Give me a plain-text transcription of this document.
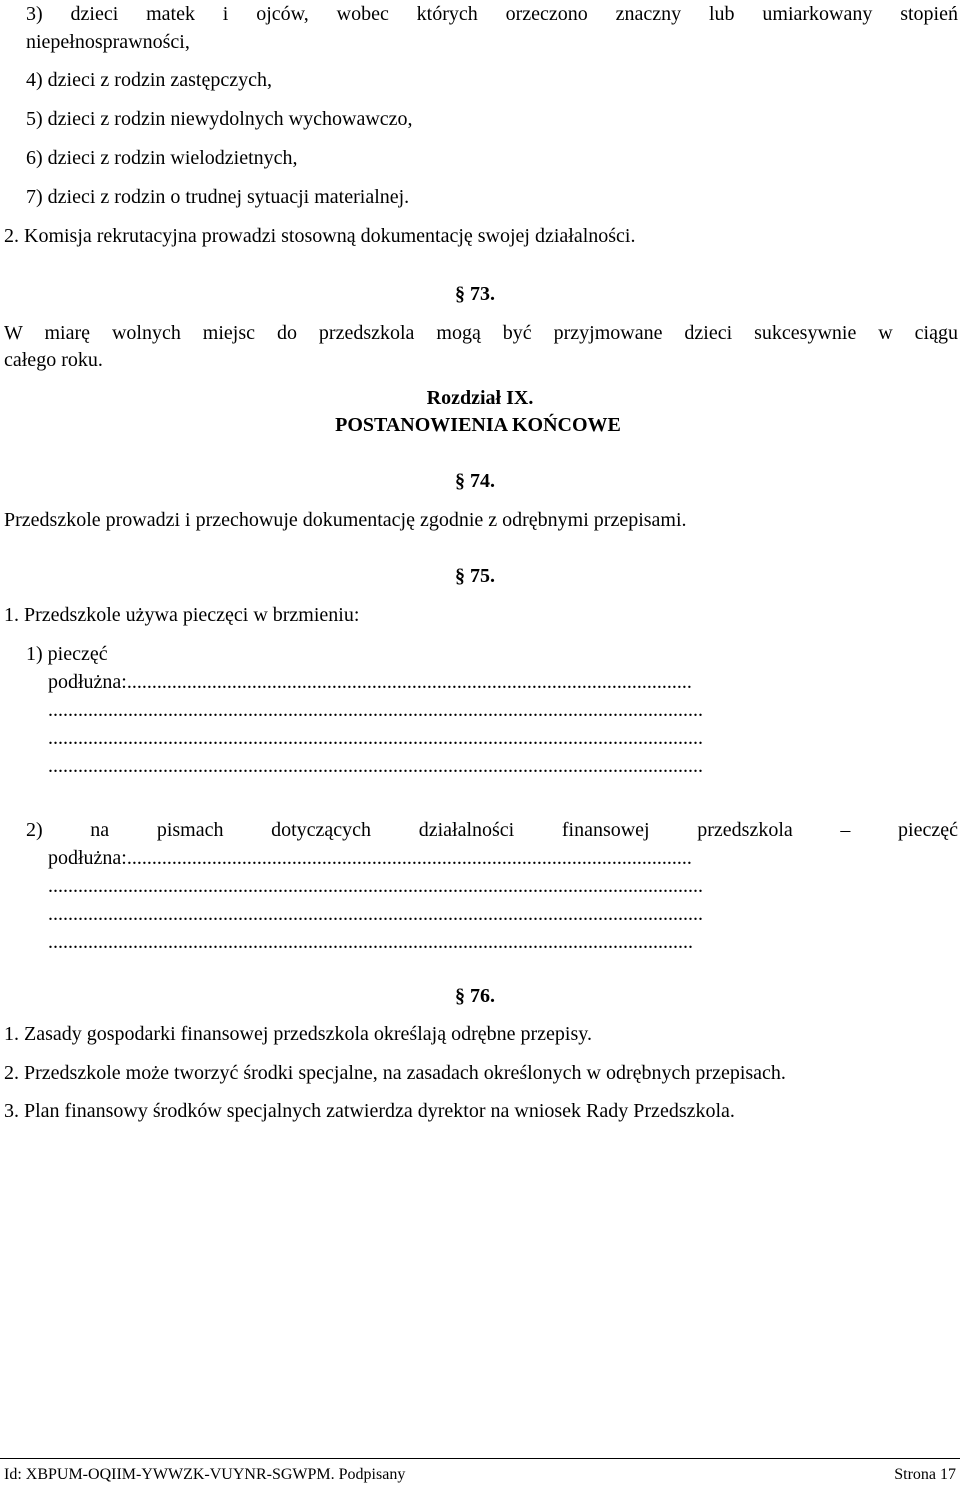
3) dzieci matek i ojców, wobec których orzeczono znaczny lub umiarkowany stopień
niepełnosprawności,
4) dzieci z rodzin zastępczych,
5) dzieci z rodzin niewydolnych wychowawczo,
6) dzieci z rodzin wielodzietnych,
7) dzieci z rodzin o trudnej sytuacji materialnej.
2. Komisja rekrutacyjna prowadzi stosowną dokumentację swojej działalności.
§ 73.
W miarę wolnych miejsc do przedszkola mogą być przyjmowane dzieci sukcesywnie w ciągu
całego roku.
Rozdział IX.
POSTANOWIENIA KOŃCOWE
§ 74.
Przedszkole prowadzi i przechowuje dokumentację zgodnie z odrębnymi przepisami.
§ 75.
1. Przedszkole używa pieczęci w brzmieniu:
1) pieczęć
podłużna:.................................................................................................................
...................................................................................................................................
...................................................................................................................................
...................................................................................................................................
2) na pismach dotyczących działalności finansowej przedszkola – pieczęć
podłużna:.................................................................................................................
...................................................................................................................................
...................................................................................................................................
.................................................................................................................................
§ 76.
1. Zasady gospodarki finansowej przedszkola określają odrębne przepisy.
2. Przedszkole może tworzyć środki specjalne, na zasadach określonych w odrębnych przepisach.
3. Plan finansowy środków specjalnych zatwierdza dyrektor na wniosek Rady Przedszkola.
Id: XBPUM-OQIIM-YWWZK-VUYNR-SGWPM. Podpisany	Strona 17
